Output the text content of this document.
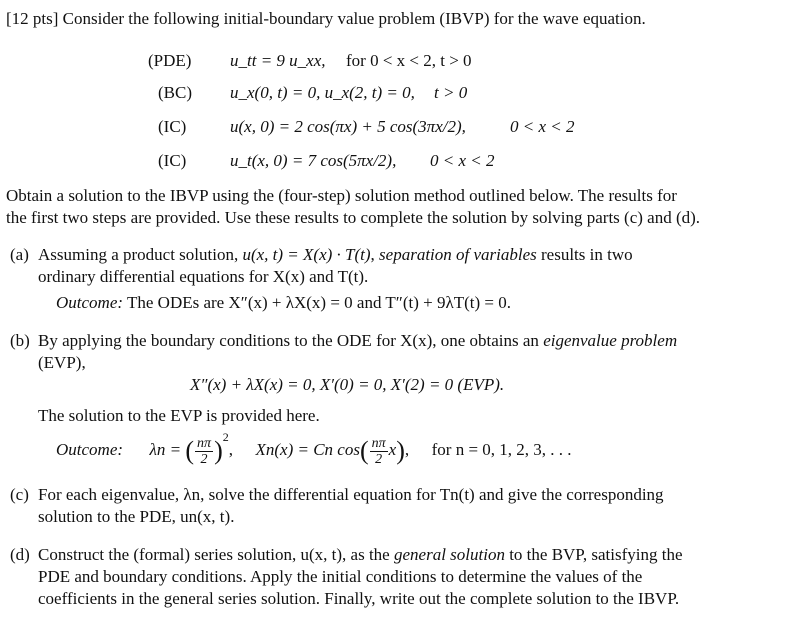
[12 pts] Consider the following initial-boundary value problem (IBVP) for the wave equation.
(PDE) u_tt = 9 u_xx, for 0 < x < 2, t > 0
(BC) u_x(0, t) = 0, u_x(2, t) = 0, t > 0
(IC)	u(x, 0) = 2 cos(πx) + 5 cos(3πx/2),	0 < x < 2
(IC)	u_t(x, 0) = 7 cos(5πx/2), 0 < x < 2
Obtain a solution to the IBVP using the (four-step) solution method outlined below. The results for
the first two steps are provided. Use these results to complete the solution by solving parts (c) and (d).
(a) Assuming a product solution, u(x, t) = X(x) · T(t), separation of variables results in two
ordinary differential equations for X(x) and T(t).
Outcome: The ODEs are X″(x) + λX(x) = 0 and T″(t) + 9λT(t) = 0.
(b) By applying the boundary conditions to the ODE for X(x), one obtains an eigenvalue problem
(EVP),
X″(x) + λX(x) = 0, X′(0) = 0, X′(2) = 0 (EVP).
The solution to the EVP is provided here.
Outcome: λn = ( $\frac{n\pi}{2} )^2$, Xn(x) = Cn $\cos( \frac{n\pi}{2} x)$, for n = 0, 1, 2, 3, . . .
(c) For each eigenvalue, λn, solve the differential equation for Tn(t) and give the corresponding
solution to the PDE, un(x, t).
(d) Construct the (formal) series solution, u(x, t), as the general solution to the BVP, satisfying the
PDE and boundary conditions. Apply the initial conditions to determine the values of the
coefficients in the general series solution. Finally, write out the complete solution to the IBVP.
